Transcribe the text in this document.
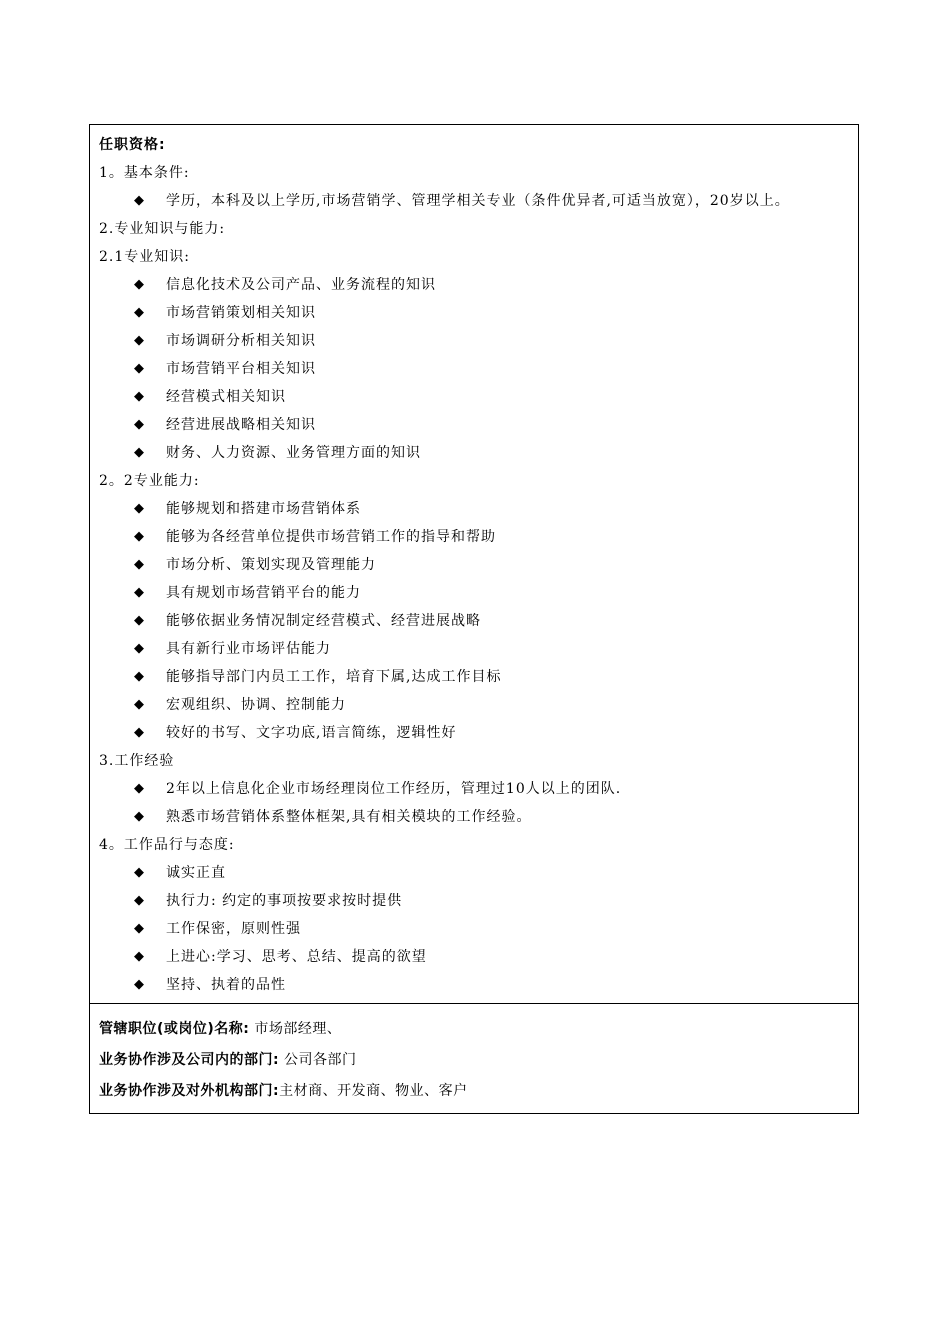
任职资格:
1。基本条件:
◆ 学历，本科及以上学历,市场营销学、管理学相关专业（条件优异者,可适当放宽），20岁以上。
2.专业知识与能力:
2.1专业知识:
◆ 信息化技术及公司产品、业务流程的知识
◆ 市场营销策划相关知识
◆ 市场调研分析相关知识
◆ 市场营销平台相关知识
◆ 经营模式相关知识
◆ 经营进展战略相关知识
◆ 财务、人力资源、业务管理方面的知识
2。2专业能力:
◆ 能够规划和搭建市场营销体系
◆ 能够为各经营单位提供市场营销工作的指导和帮助
◆ 市场分析、策划实现及管理能力
◆ 具有规划市场营销平台的能力
◆ 能够依据业务情况制定经营模式、经营进展战略
◆ 具有新行业市场评估能力
◆ 能够指导部门内员工工作，培育下属,达成工作目标
◆ 宏观组织、协调、控制能力
◆ 较好的书写、文字功底,语言简练，逻辑性好
3.工作经验
◆ 2年以上信息化企业市场经理岗位工作经历，管理过10人以上的团队.
◆ 熟悉市场营销体系整体框架,具有相关模块的工作经验。
4。工作品行与态度:
◆ 诚实正直
◆ 执行力: 约定的事项按要求按时提供
◆ 工作保密，原则性强
◆ 上进心:学习、思考、总结、提高的欲望
◆ 坚持、执着的品性
管辖职位(或岗位)名称: 市场部经理、
业务协作涉及公司内的部门: 公司各部门
业务协作涉及对外机构部门:主材商、开发商、物业、客户
